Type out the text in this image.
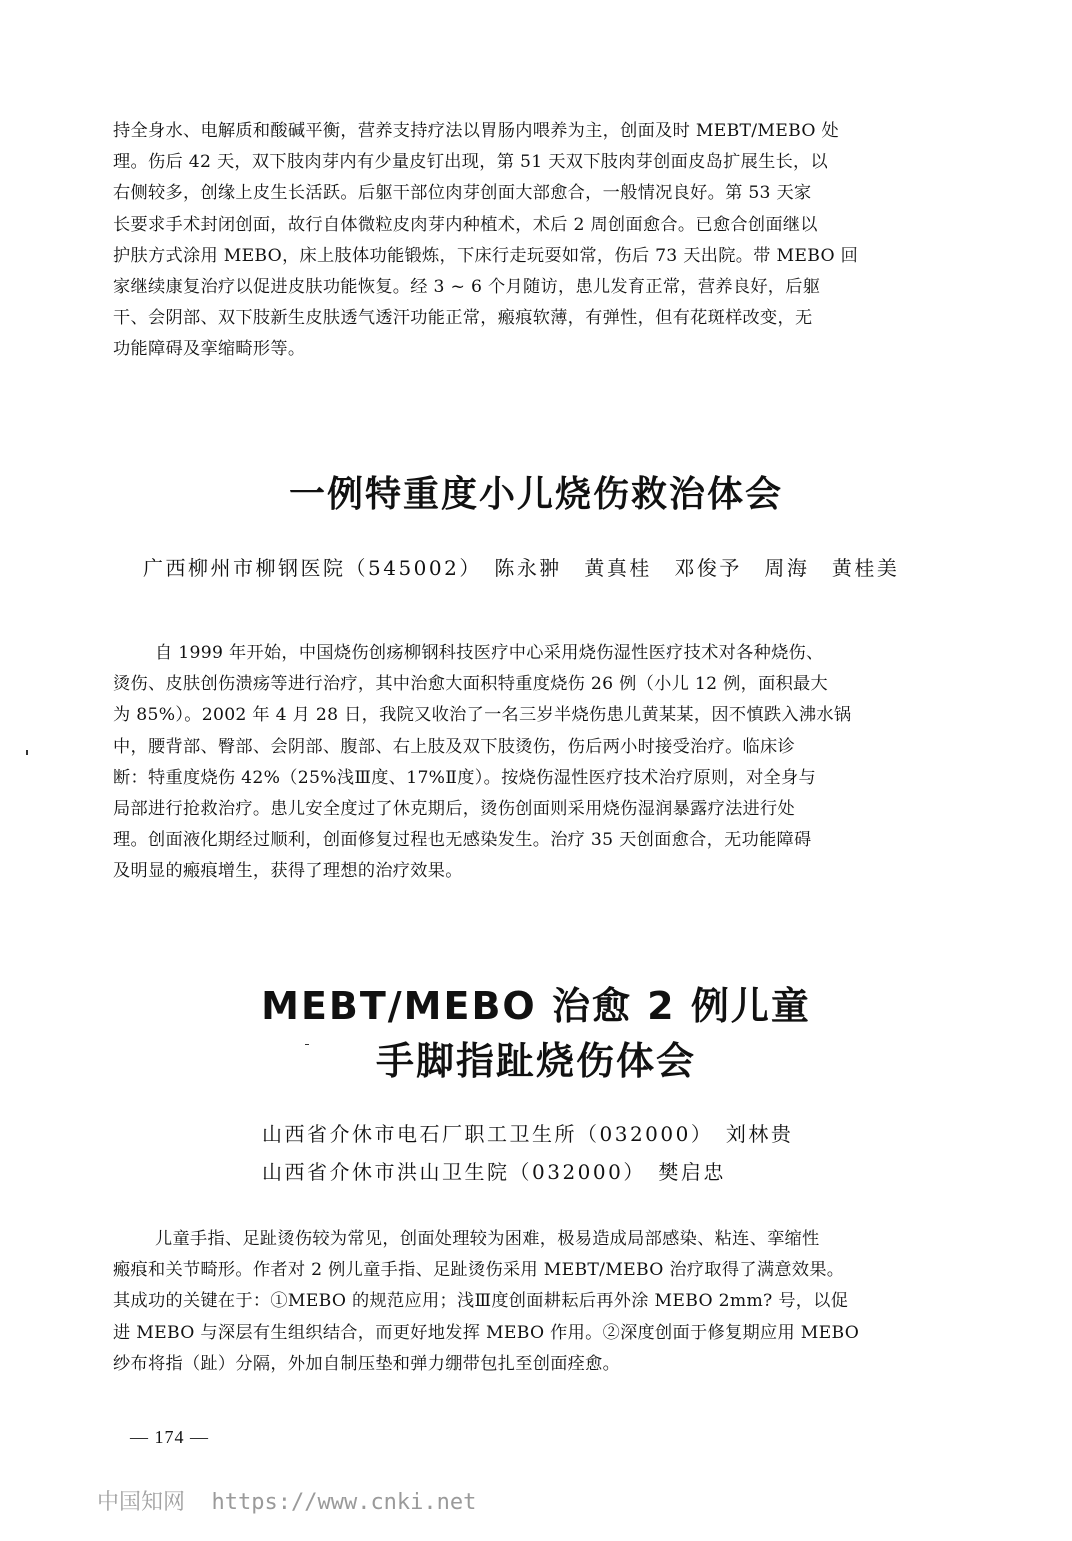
持全身水、电解质和酸碱平衡，营养支持疗法以胃肠内喂养为主，创面及时 MEBT/MEBO 处
理。伤后 42 天，双下肢肉芽内有少量皮钉出现，第 51 天双下肢肉芽创面皮岛扩展生长，以
右侧较多，创缘上皮生长活跃。后躯干部位肉芽创面大部愈合，一般情况良好。第 53 天家
长要求手术封闭创面，故行自体微粒皮肉芽内种植术，术后 2 周创面愈合。已愈合创面继以
护肤方式涂用 MEBO，床上肢体功能锻炼，下床行走玩耍如常，伤后 73 天出院。带 MEBO 回
家继续康复治疗以促进皮肤功能恢复。经 3 ~ 6 个月随访，患儿发育正常，营养良好，后躯
干、会阴部、双下肢新生皮肤透气透汗功能正常，瘢痕软薄，有弹性，但有花斑样改变，无
功能障碍及挛缩畸形等。
一例特重度小儿烧伤救治体会

广西柳州市柳钢医院（545002）　陈永翀　黄真桂　邓俊予　周海　黄桂美

自 1999 年开始，中国烧伤创疡柳钢科技医疗中心采用烧伤湿性医疗技术对各种烧伤、
烫伤、皮肤创伤溃疡等进行治疗，其中治愈大面积特重度烧伤 26 例（小儿 12 例，面积最大
为 85%）。2002 年 4 月 28 日，我院又收治了一名三岁半烧伤患儿黄某某，因不慎跌入沸水锅
中，腰背部、臀部、会阴部、腹部、右上肢及双下肢烫伤，伤后两小时接受治疗。临床诊
断：特重度烧伤 42%（25%浅Ⅲ度、17%Ⅱ度）。按烧伤湿性医疗技术治疗原则，对全身与
局部进行抢救治疗。患儿安全度过了休克期后，烫伤创面则采用烧伤湿润暴露疗法进行处
理。创面液化期经过顺利，创面修复过程也无感染发生。治疗 35 天创面愈合，无功能障碍
及明显的瘢痕增生，获得了理想的治疗效果。
MEBT/MEBO 治愈 2 例儿童
手脚指趾烧伤体会

山西省介休市电石厂职工卫生所（032000）　刘林贵

山西省介休市洪山卫生院（032000）　樊启忠

儿童手指、足趾烫伤较为常见，创面处理较为困难，极易造成局部感染、粘连、挛缩性
瘢痕和关节畸形。作者对 2 例儿童手指、足趾烫伤采用 MEBT/MEBO 治疗取得了满意效果。
其成功的关键在于：①MEBO 的规范应用；浅Ⅲ度创面耕耘后再外涂 MEBO 2mm? 号，以促
进 MEBO 与深层有生组织结合，而更好地发挥 MEBO 作用。②深度创面于修复期应用 MEBO
纱布将指（趾）分隔，外加自制压垫和弹力绷带包扎至创面痊愈。
— 174 —

中国知网 https://www.cnki.net
